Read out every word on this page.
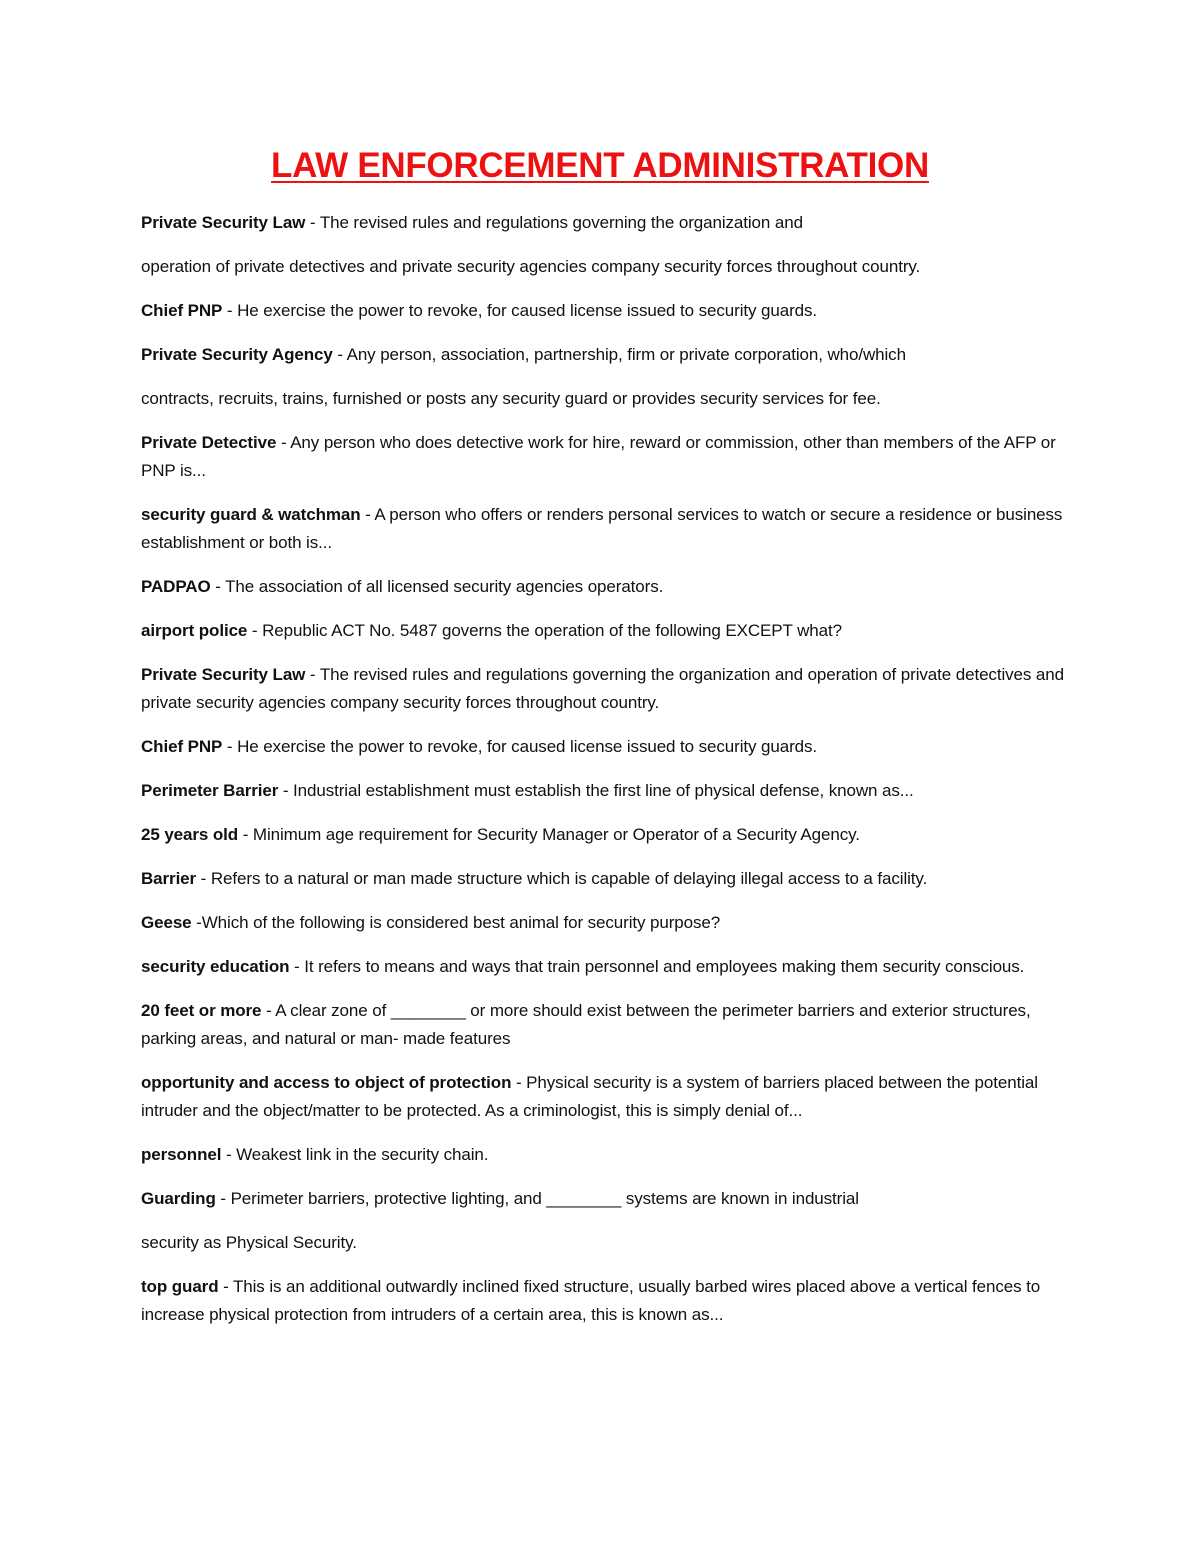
LAW ENFORCEMENT ADMINISTRATION

Private Security Law - The revised rules and regulations governing the organization and

operation of private detectives and private security agencies company security forces throughout country.

Chief PNP - He exercise the power to revoke, for caused license issued to security guards.

Private Security Agency - Any person, association, partnership, firm or private corporation, who/which

contracts, recruits, trains, furnished or posts any security guard or provides security services for fee.

Private Detective - Any person who does detective work for hire, reward or commission, other than members of the AFP or PNP is...

security guard & watchman - A person who offers or renders personal services to watch or secure a residence or business establishment or both is...

PADPAO - The association of all licensed security agencies operators.

airport police - Republic ACT No. 5487 governs the operation of the following EXCEPT what?

Private Security Law - The revised rules and regulations governing the organization and operation of private detectives and private security agencies company security forces throughout country.

Chief PNP - He exercise the power to revoke, for caused license issued to security guards.

Perimeter Barrier - Industrial establishment must establish the first line of physical defense, known as...

25 years old - Minimum age requirement for Security Manager or Operator of a Security Agency.

Barrier - Refers to a natural or man made structure which is capable of delaying illegal access to a facility.

Geese -Which of the following is considered best animal for security purpose?

security education - It refers to means and ways that train personnel and employees making them security conscious.

20 feet or more - A clear zone of ________ or more should exist between the perimeter barriers and exterior structures, parking areas, and natural or man- made features

opportunity and access to object of protection - Physical security is a system of barriers placed between the potential intruder and the object/matter to be protected. As a criminologist, this is simply denial of...

personnel - Weakest link in the security chain.

Guarding - Perimeter barriers, protective lighting, and ________ systems are known in industrial

security as Physical Security.

top guard - This is an additional outwardly inclined fixed structure, usually barbed wires placed above a vertical fences to increase physical protection from intruders of a certain area, this is known as...
